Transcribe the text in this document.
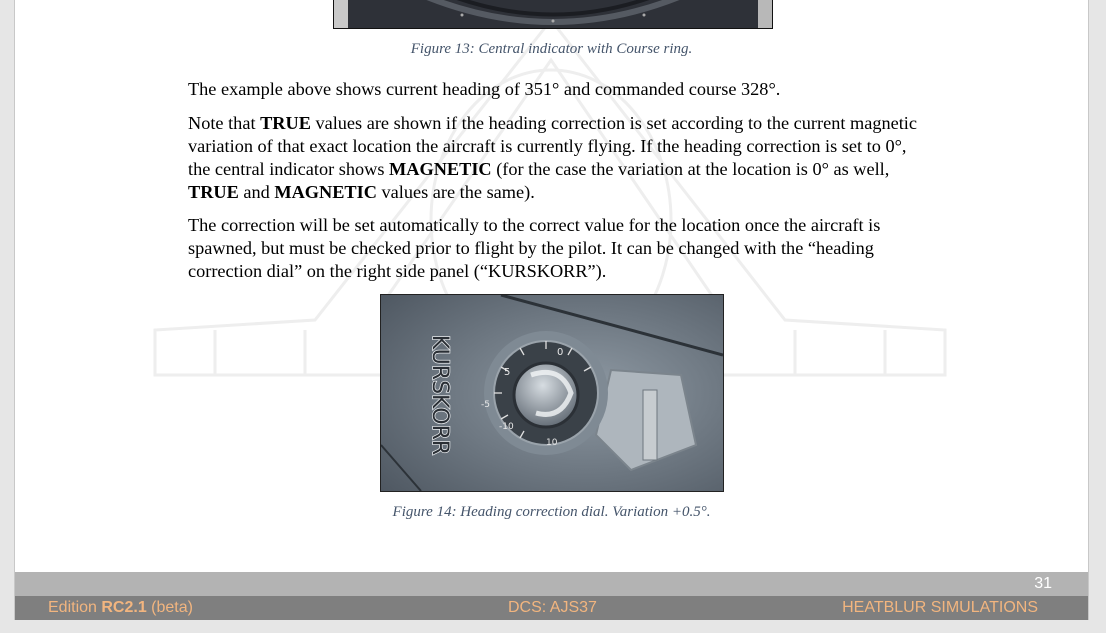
Figure 13: Central indicator with Course ring.

The example above shows current heading of 351° and commanded course 328°.

Note that TRUE values are shown if the heading correction is set according to the current magnetic variation of that exact location the aircraft is currently flying. If the heading correction is set to 0°, the central indicator shows MAGNETIC (for the case the variation at the location is 0° as well, TRUE and MAGNETIC values are the same).

The correction will be set automatically to the correct value for the location once the aircraft is spawned, but must be checked prior to flight by the pilot. It can be changed with the “heading correction dial” on the right side panel (“KURSKORR”).

0
5
-5
-10
10
KURSKORR
Figure 14: Heading correction dial. Variation +0.5°.
31
Edition RC2.1 (beta)	DCS: AJS37	HEATBLUR SIMULATIONS
